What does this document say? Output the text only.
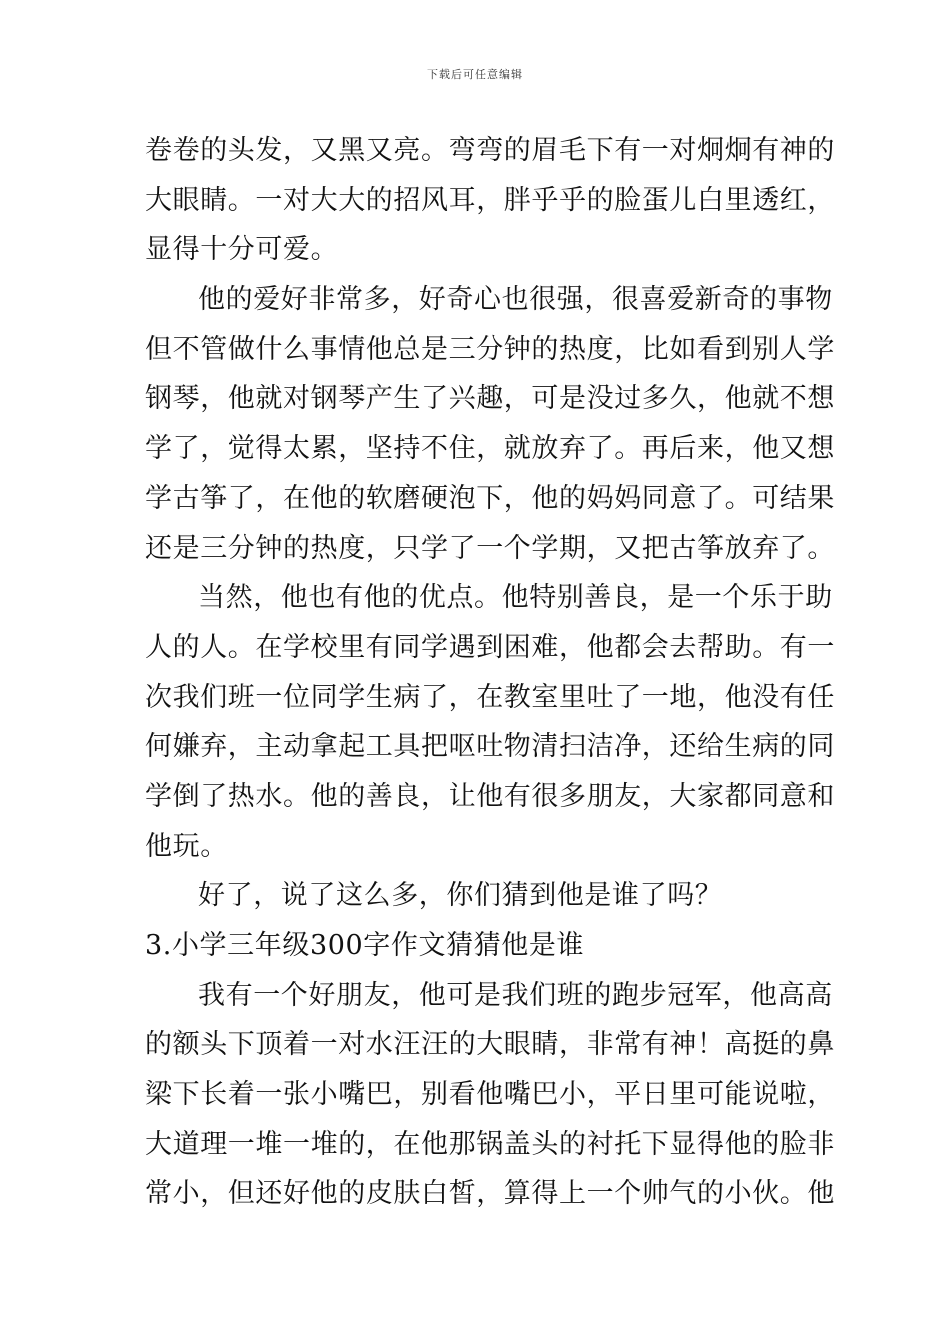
下载后可任意编辑
卷卷的头发，又黑又亮。弯弯的眉毛下有一对炯炯有神的
大眼睛。一对大大的招风耳，胖乎乎的脸蛋儿白里透红，
显得十分可爱。
他的爱好非常多，好奇心也很强，很喜爱新奇的事物
但不管做什么事情他总是三分钟的热度，比如看到别人学
钢琴，他就对钢琴产生了兴趣，可是没过多久，他就不想
学了，觉得太累，坚持不住，就放弃了。再后来，他又想
学古筝了，在他的软磨硬泡下，他的妈妈同意了。可结果
还是三分钟的热度，只学了一个学期，又把古筝放弃了。
当然，他也有他的优点。他特别善良，是一个乐于助
人的人。在学校里有同学遇到困难，他都会去帮助。有一
次我们班一位同学生病了，在教室里吐了一地，他没有任
何嫌弃，主动拿起工具把呕吐物清扫洁净，还给生病的同
学倒了热水。他的善良，让他有很多朋友，大家都同意和
他玩。
好了，说了这么多，你们猜到他是谁了吗？
3.小学三年级300字作文猜猜他是谁
我有一个好朋友，他可是我们班的跑步冠军，他高高
的额头下顶着一对水汪汪的大眼睛，非常有神！高挺的鼻
梁下长着一张小嘴巴，别看他嘴巴小，平日里可能说啦，
大道理一堆一堆的，在他那锅盖头的衬托下显得他的脸非
常小，但还好他的皮肤白皙，算得上一个帅气的小伙。他
